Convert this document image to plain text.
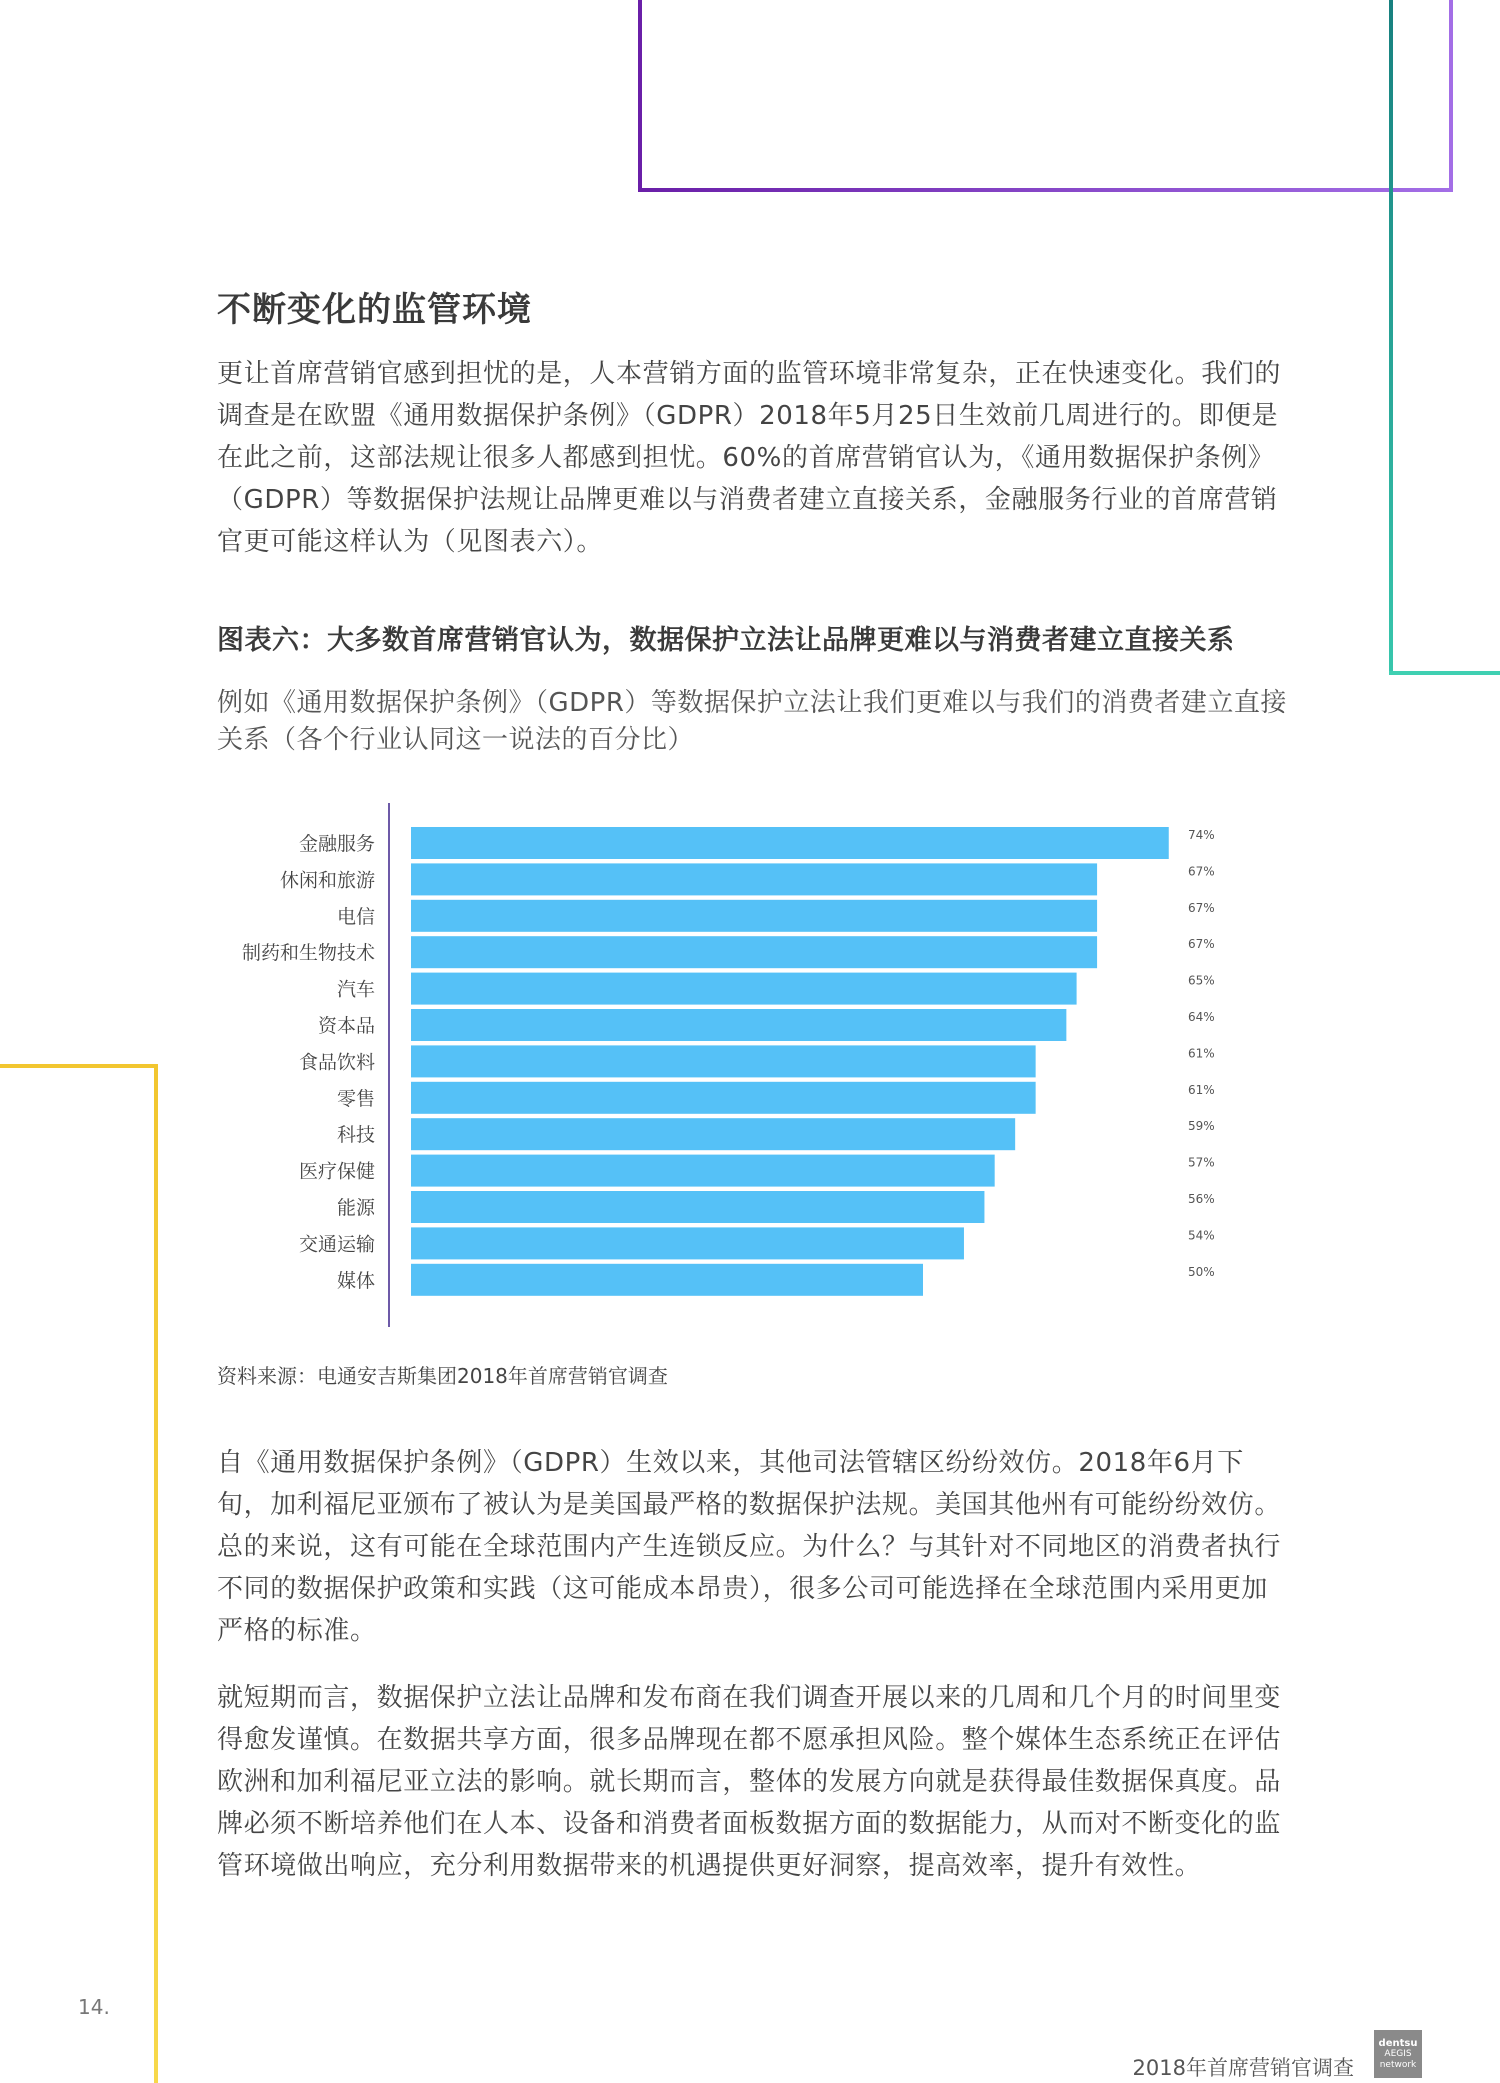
不断变化的监管环境

更让首席营销官感到担忧的是，人本营销方面的监管环境非常复杂，正在快速变化。我们的调查是在欧盟《通用数据保护条例》（GDPR）2018年5月25日生效前几周进行的。即便是在此之前，这部法规让很多人都感到担忧。60%的首席营销官认为，《通用数据保护条例》（GDPR）等数据保护法规让品牌更难以与消费者建立直接关系，金融服务行业的首席营销官更可能这样认为（见图表六）。

图表六：大多数首席营销官认为，数据保护立法让品牌更难以与消费者建立直接关系
例如《通用数据保护条例》（GDPR）等数据保护立法让我们更难以与我们的消费者建立直接关系（各个行业认同这一说法的百分比）
金融服务	74%
休闲和旅游	67%
电信	67%
制药和生物技术	67%
汽车	65%
资本品	64%
食品饮料	61%
零售	61%
科技	59%
医疗保健	57%
能源	56%
交通运输	54%
媒体	50%
资料来源：电通安吉斯集团2018年首席营销官调查

自《通用数据保护条例》（GDPR）生效以来，其他司法管辖区纷纷效仿。2018年6月下旬，加利福尼亚颁布了被认为是美国最严格的数据保护法规。美国其他州有可能纷纷效仿。总的来说，这有可能在全球范围内产生连锁反应。为什么？与其针对不同地区的消费者执行不同的数据保护政策和实践（这可能成本昂贵），很多公司可能选择在全球范围内采用更加严格的标准。

就短期而言，数据保护立法让品牌和发布商在我们调查开展以来的几周和几个月的时间里变得愈发谨慎。在数据共享方面，很多品牌现在都不愿承担风险。整个媒体生态系统正在评估欧洲和加利福尼亚立法的影响。就长期而言，整体的发展方向就是获得最佳数据保真度。品牌必须不断培养他们在人本、设备和消费者面板数据方面的数据能力，从而对不断变化的监管环境做出响应，充分利用数据带来的机遇提供更好洞察，提高效率，提升有效性。

14.
2018年首席营销官调查
dentsu
AEGIS
network
